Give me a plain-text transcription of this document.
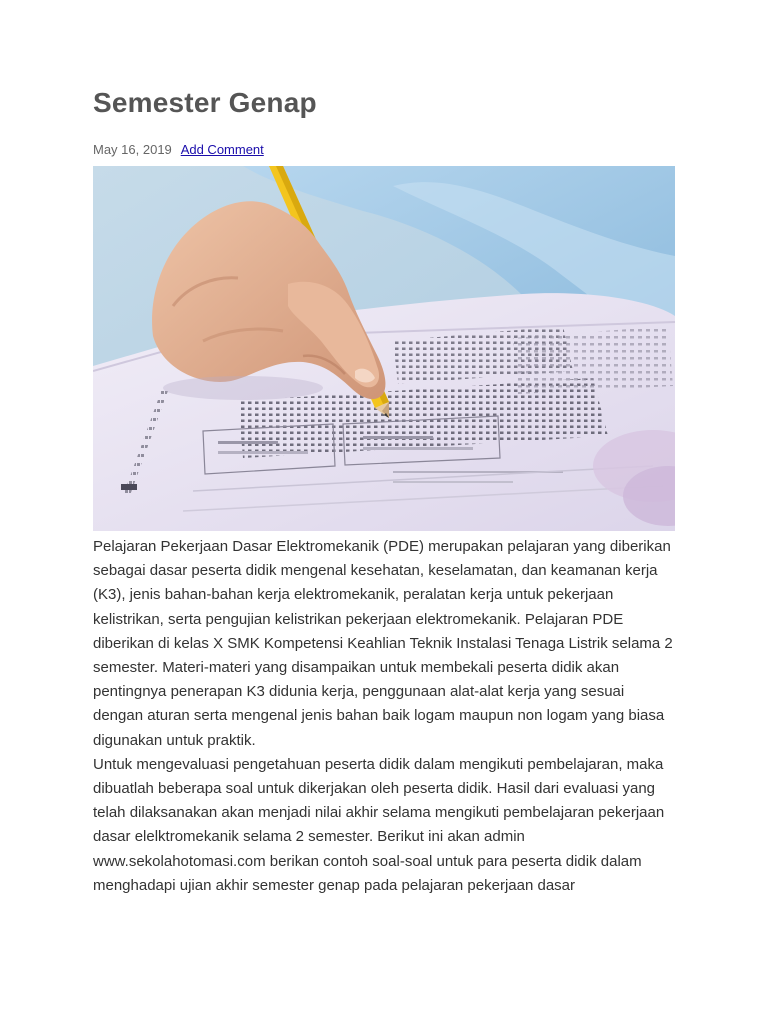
Semester Genap
May 16, 2019 Add Comment

Pelajaran Pekerjaan Dasar Elektromekanik (PDE) merupakan pelajaran yang diberikan sebagai dasar peserta didik mengenal kesehatan, keselamatan, dan keamanan kerja (K3), jenis bahan-bahan kerja elektromekanik, peralatan kerja untuk pekerjaan kelistrikan, serta pengujian kelistrikan pekerjaan elektromekanik. Pelajaran PDE diberikan di kelas X SMK Kompetensi Keahlian Teknik Instalasi Tenaga Listrik selama 2 semester. Materi-materi yang disampaikan untuk membekali peserta didik akan pentingnya penerapan K3 didunia kerja, penggunaan alat-alat kerja yang sesuai dengan aturan serta mengenal jenis bahan baik logam maupun non logam yang biasa digunakan untuk praktik.

Untuk mengevaluasi pengetahuan peserta didik dalam mengikuti pembelajaran, maka dibuatlah beberapa soal untuk dikerjakan oleh peserta didik. Hasil dari evaluasi yang telah dilaksanakan akan menjadi nilai akhir selama mengikuti pembelajaran pekerjaan dasar elelktromekanik selama 2 semester. Berikut ini akan admin www.sekolahotomasi.com berikan contoh soal-soal untuk para peserta didik dalam menghadapi ujian akhir semester genap pada pelajaran pekerjaan dasar
